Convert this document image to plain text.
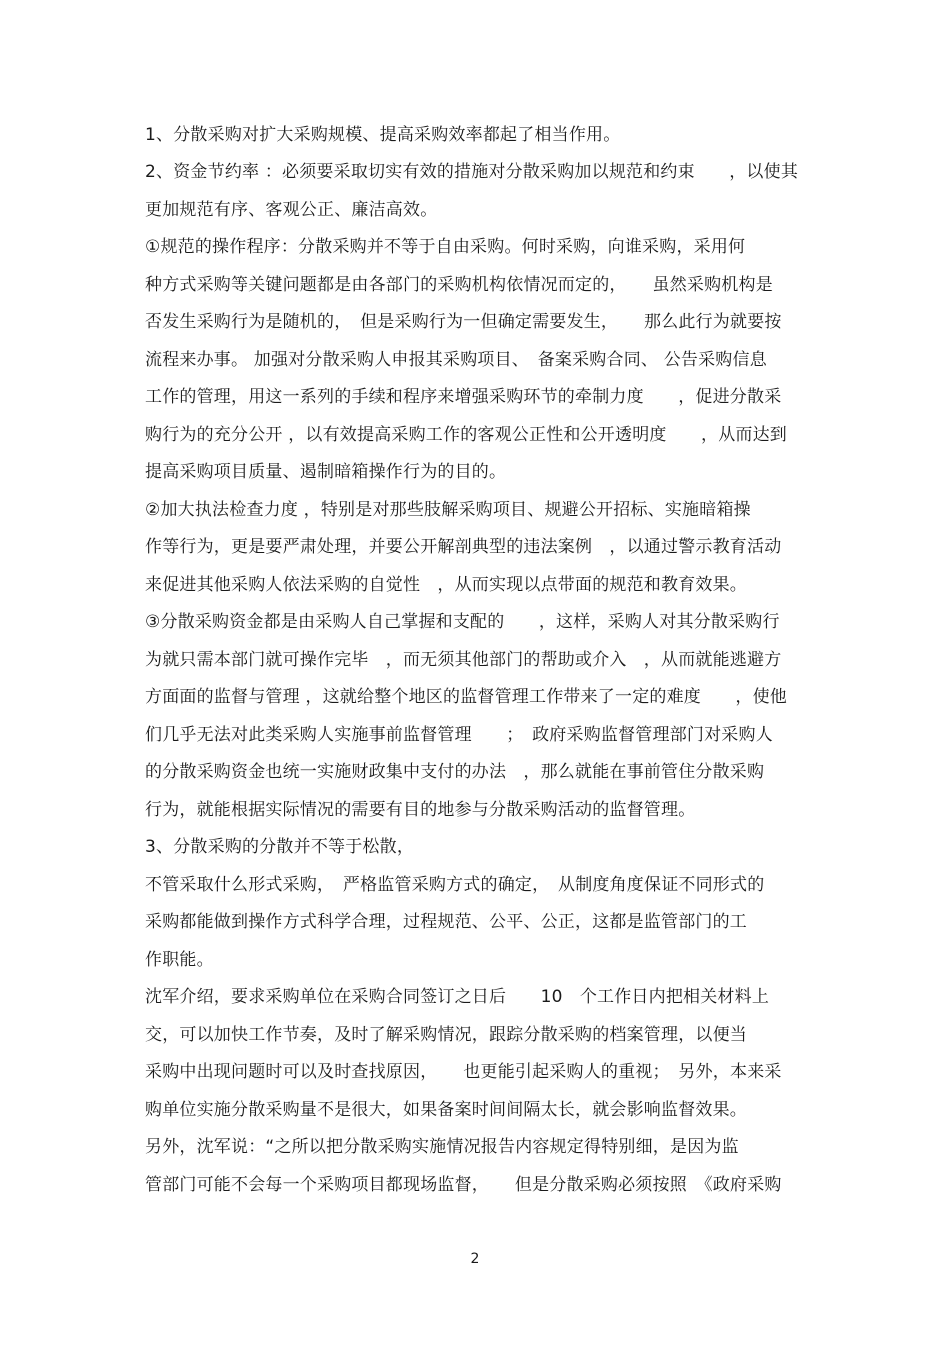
1、分散采购对扩大采购规模、提高采购效率都起了相当作用。
2、资金节约率 ：必须要采取切实有效的措施对分散采购加以规范和约束　　，以使其
更加规范有序、客观公正、廉洁高效。
①规范的操作程序：分散采购并不等于自由采购。何时采购，向谁采购，采用何
种方式采购等关键问题都是由各部门的采购机构依情况而定的，　　虽然采购机构是
否发生采购行为是随机的，　但是采购行为一但确定需要发生，　　那么此行为就要按
流程来办事。 加强对分散采购人申报其采购项目、　备案采购合同、 公告采购信息
工作的管理，用这一系列的手续和程序来增强采购环节的牵制力度　　，促进分散采
购行为的充分公开 ，以有效提高采购工作的客观公正性和公开透明度　　，从而达到
提高采购项目质量、遏制暗箱操作行为的目的。
②加大执法检查力度 ，特别是对那些肢解采购项目、规避公开招标、实施暗箱操
作等行为，更是要严肃处理，并要公开解剖典型的违法案例　，以通过警示教育活动
来促进其他采购人依法采购的自觉性　，从而实现以点带面的规范和教育效果。
③分散采购资金都是由采购人自己掌握和支配的　　，这样，采购人对其分散采购行
为就只需本部门就可操作完毕　，而无须其他部门的帮助或介入　，从而就能逃避方
方面面的监督与管理 ，这就给整个地区的监督管理工作带来了一定的难度　　，使他
们几乎无法对此类采购人实施事前监督管理　　；　政府采购监督管理部门对采购人
的分散采购资金也统一实施财政集中支付的办法　，那么就能在事前管住分散采购
行为，就能根据实际情况的需要有目的地参与分散采购活动的监督管理。
3、分散采购的分散并不等于松散，
不管采取什么形式采购，　严格监管采购方式的确定，　从制度角度保证不同形式的
采购都能做到操作方式科学合理，过程规范、公平、公正，这都是监管部门的工
作职能。
沈军介绍，要求采购单位在采购合同签订之日后　　10　个工作日内把相关材料上
交，可以加快工作节奏，及时了解采购情况，跟踪分散采购的档案管理，以便当
采购中出现问题时可以及时查找原因，　　也更能引起采购人的重视；　另外，本来采
购单位实施分散采购量不是很大，如果备案时间间隔太长，就会影响监督效果。
另外，沈军说：“之所以把分散采购实施情况报告内容规定得特别细，是因为监
管部门可能不会每一个采购项目都现场监督，　　但是分散采购必须按照　《政府采购
2
